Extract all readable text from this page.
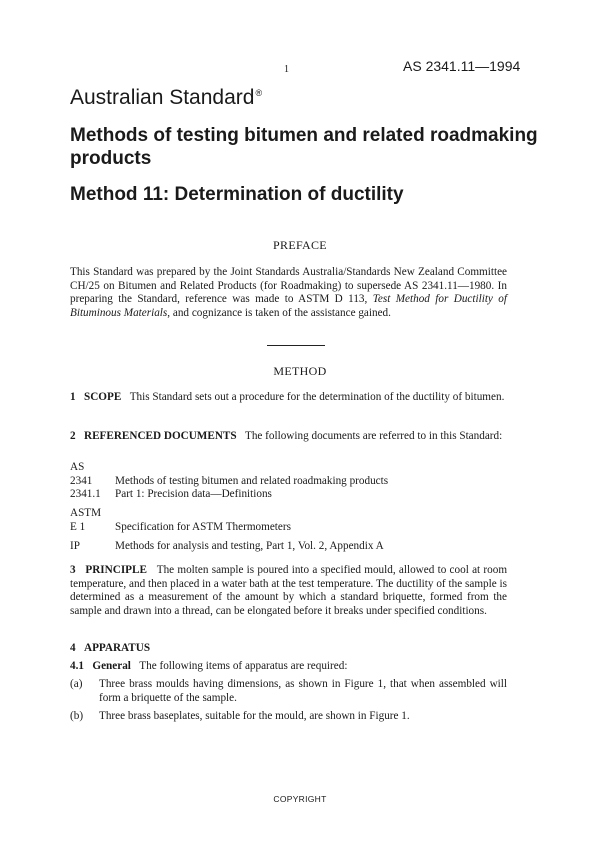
1	AS 2341.11—1994
Australian Standard®
Methods of testing bitumen and related roadmaking products
Method 11: Determination of ductility
PREFACE
This Standard was prepared by the Joint Standards Australia/Standards New Zealand Committee CH/25 on Bitumen and Related Products (for Roadmaking) to supersede AS 2341.11—1980. In preparing the Standard, reference was made to ASTM D 113, Test Method for Ductility of Bituminous Materials, and cognizance is taken of the assistance gained.
METHOD
1 SCOPE This Standard sets out a procedure for the determination of the ductility of bitumen.
2 REFERENCED DOCUMENTS The following documents are referred to in this Standard:
AS
2341	Methods of testing bitumen and related roadmaking products
2341.1	Part 1: Precision data—Definitions
ASTM
E 1	Specification for ASTM Thermometers
IP	Methods for analysis and testing, Part 1, Vol. 2, Appendix A
3 PRINCIPLE The molten sample is poured into a specified mould, allowed to cool at room temperature, and then placed in a water bath at the test temperature. The ductility of the sample is determined as a measurement of the amount by which a standard briquette, formed from the sample and drawn into a thread, can be elongated before it breaks under specified conditions.
4 APPARATUS
4.1 General The following items of apparatus are required:
(a)	Three brass moulds having dimensions, as shown in Figure 1, that when assembled will form a briquette of the sample.
(b)	Three brass baseplates, suitable for the mould, are shown in Figure 1.
COPYRIGHT
